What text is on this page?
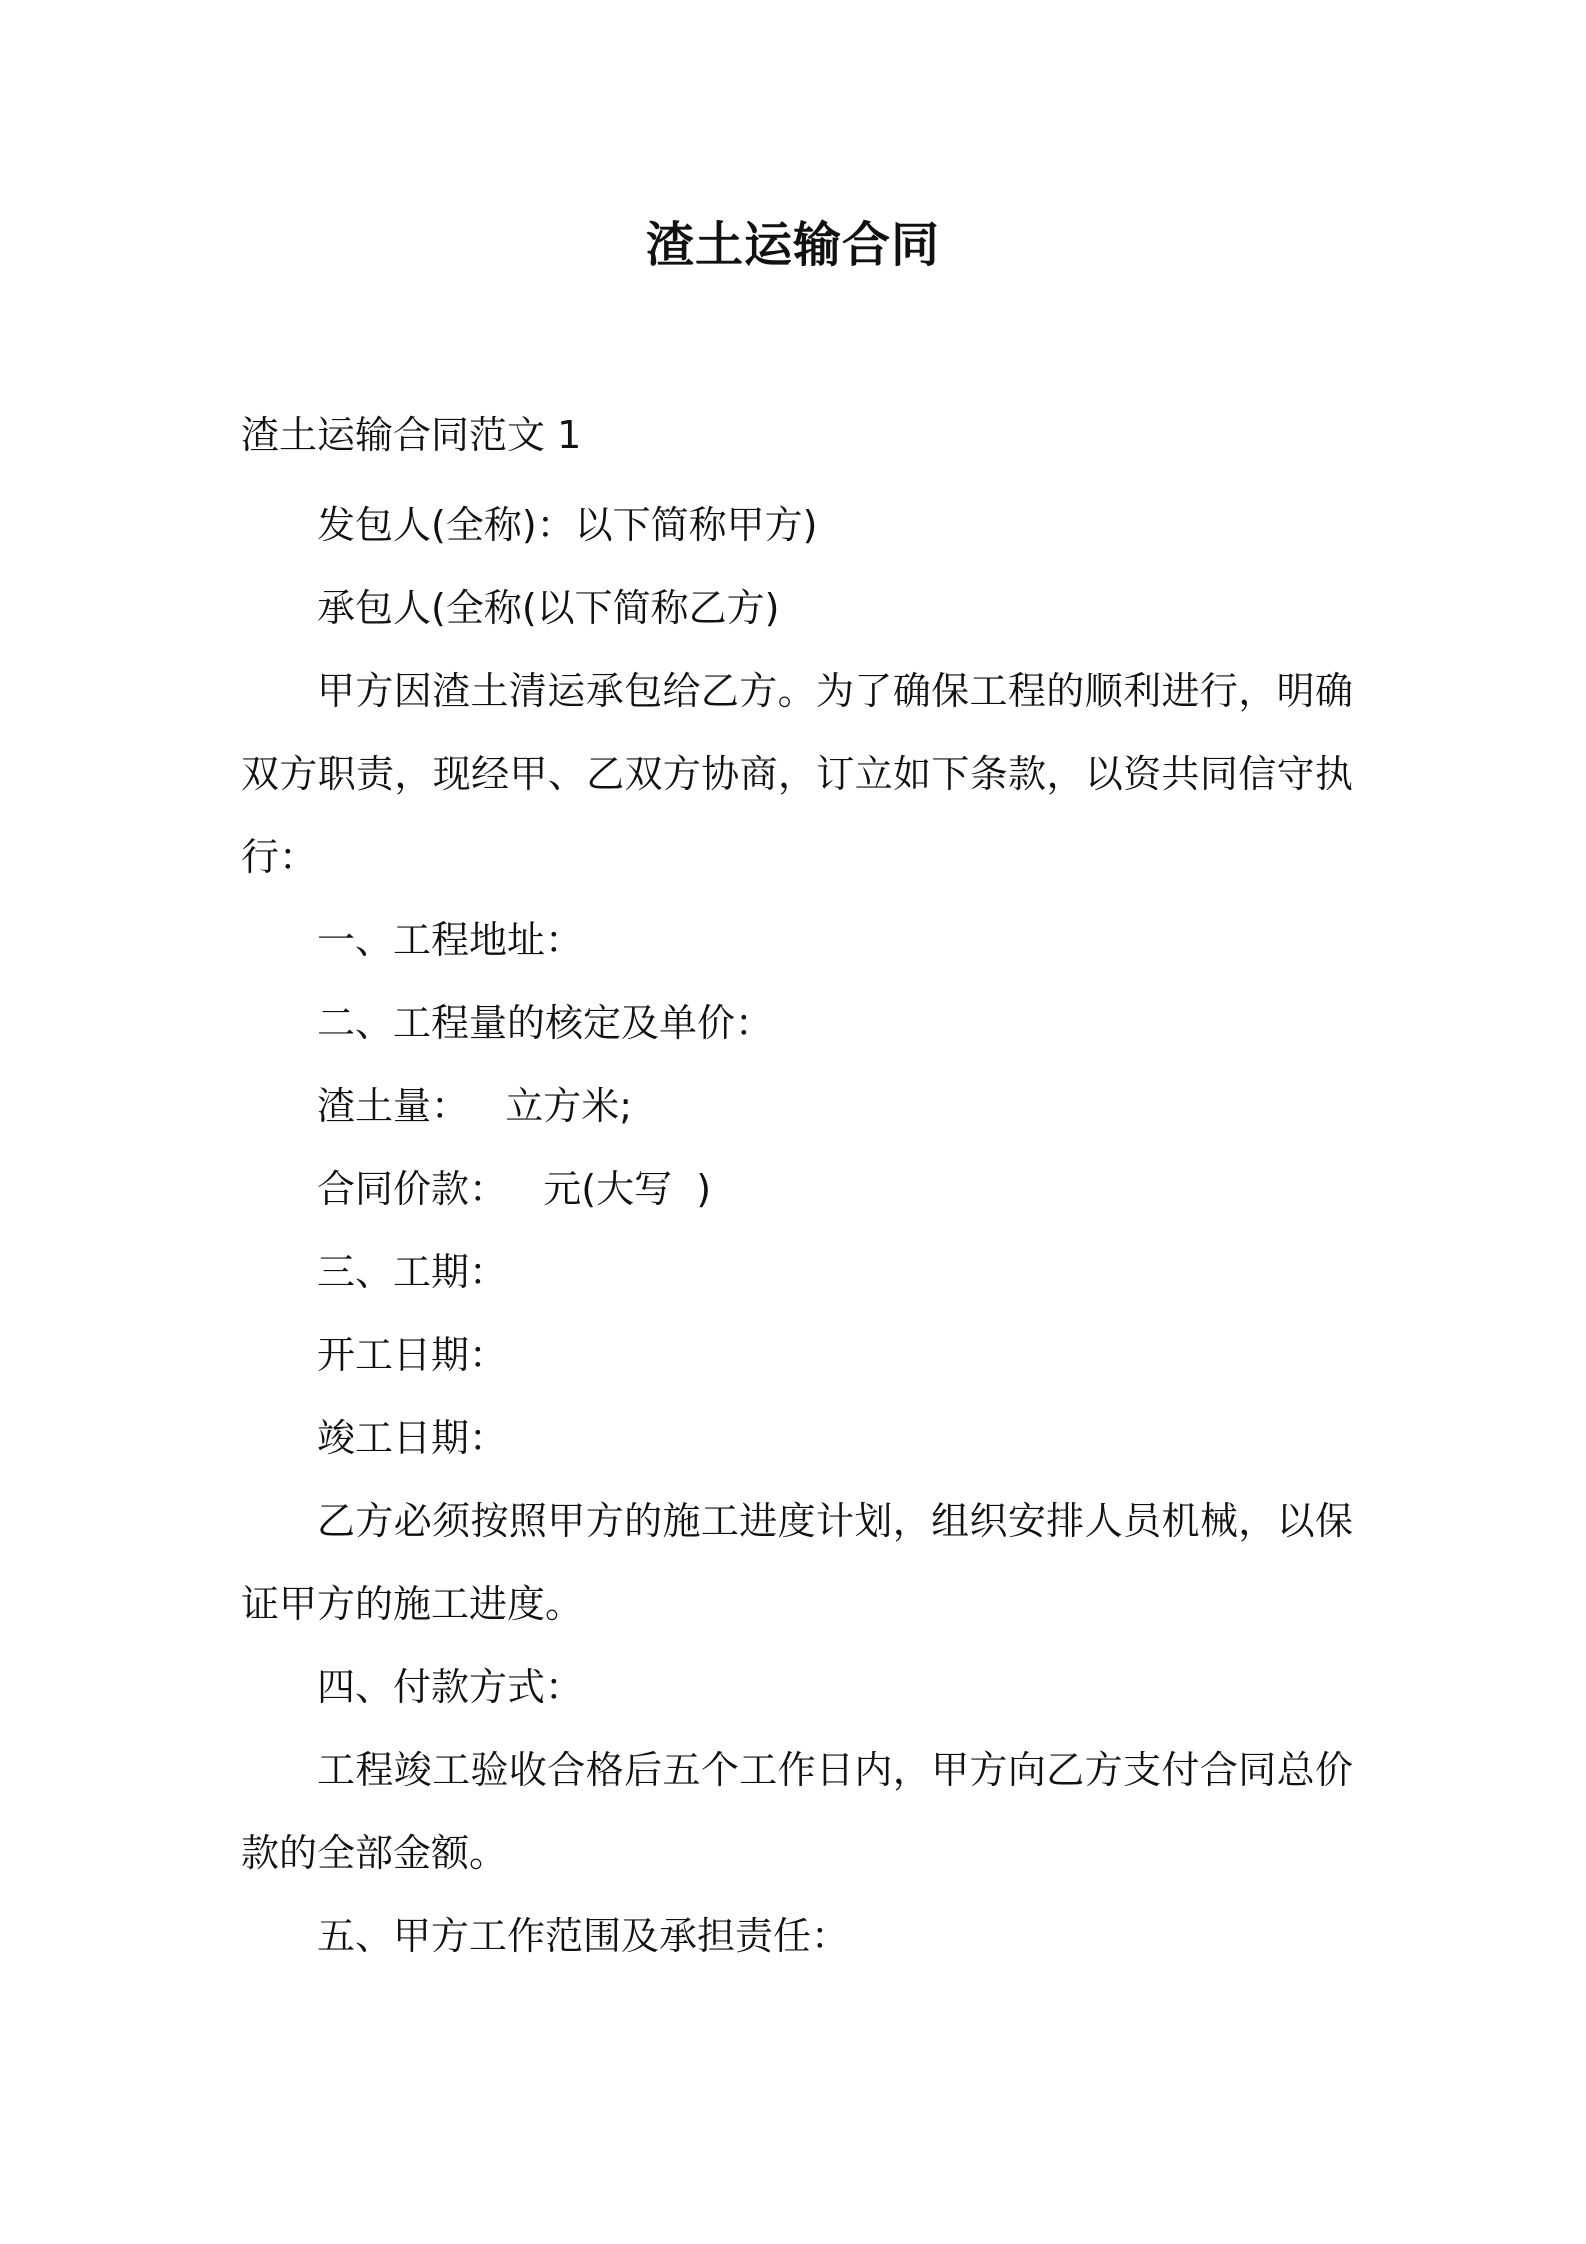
渣土运输合同
渣土运输合同范文 1

发包人(全称)：以下简称甲方)

承包人(全称(以下简称乙方)

甲方因渣土清运承包给乙方。为了确保工程的顺利进行，明确双方职责，现经甲、乙双方协商，订立如下条款，以资共同信守执行：

一、工程地址：

二、工程量的核定及单价：

渣土量：   立方米;

合同价款：   元(大写  )

三、工期：

开工日期：

竣工日期：

乙方必须按照甲方的施工进度计划，组织安排人员机械，以保证甲方的施工进度。

四、付款方式：

工程竣工验收合格后五个工作日内，甲方向乙方支付合同总价款的全部金额。

五、甲方工作范围及承担责任：
